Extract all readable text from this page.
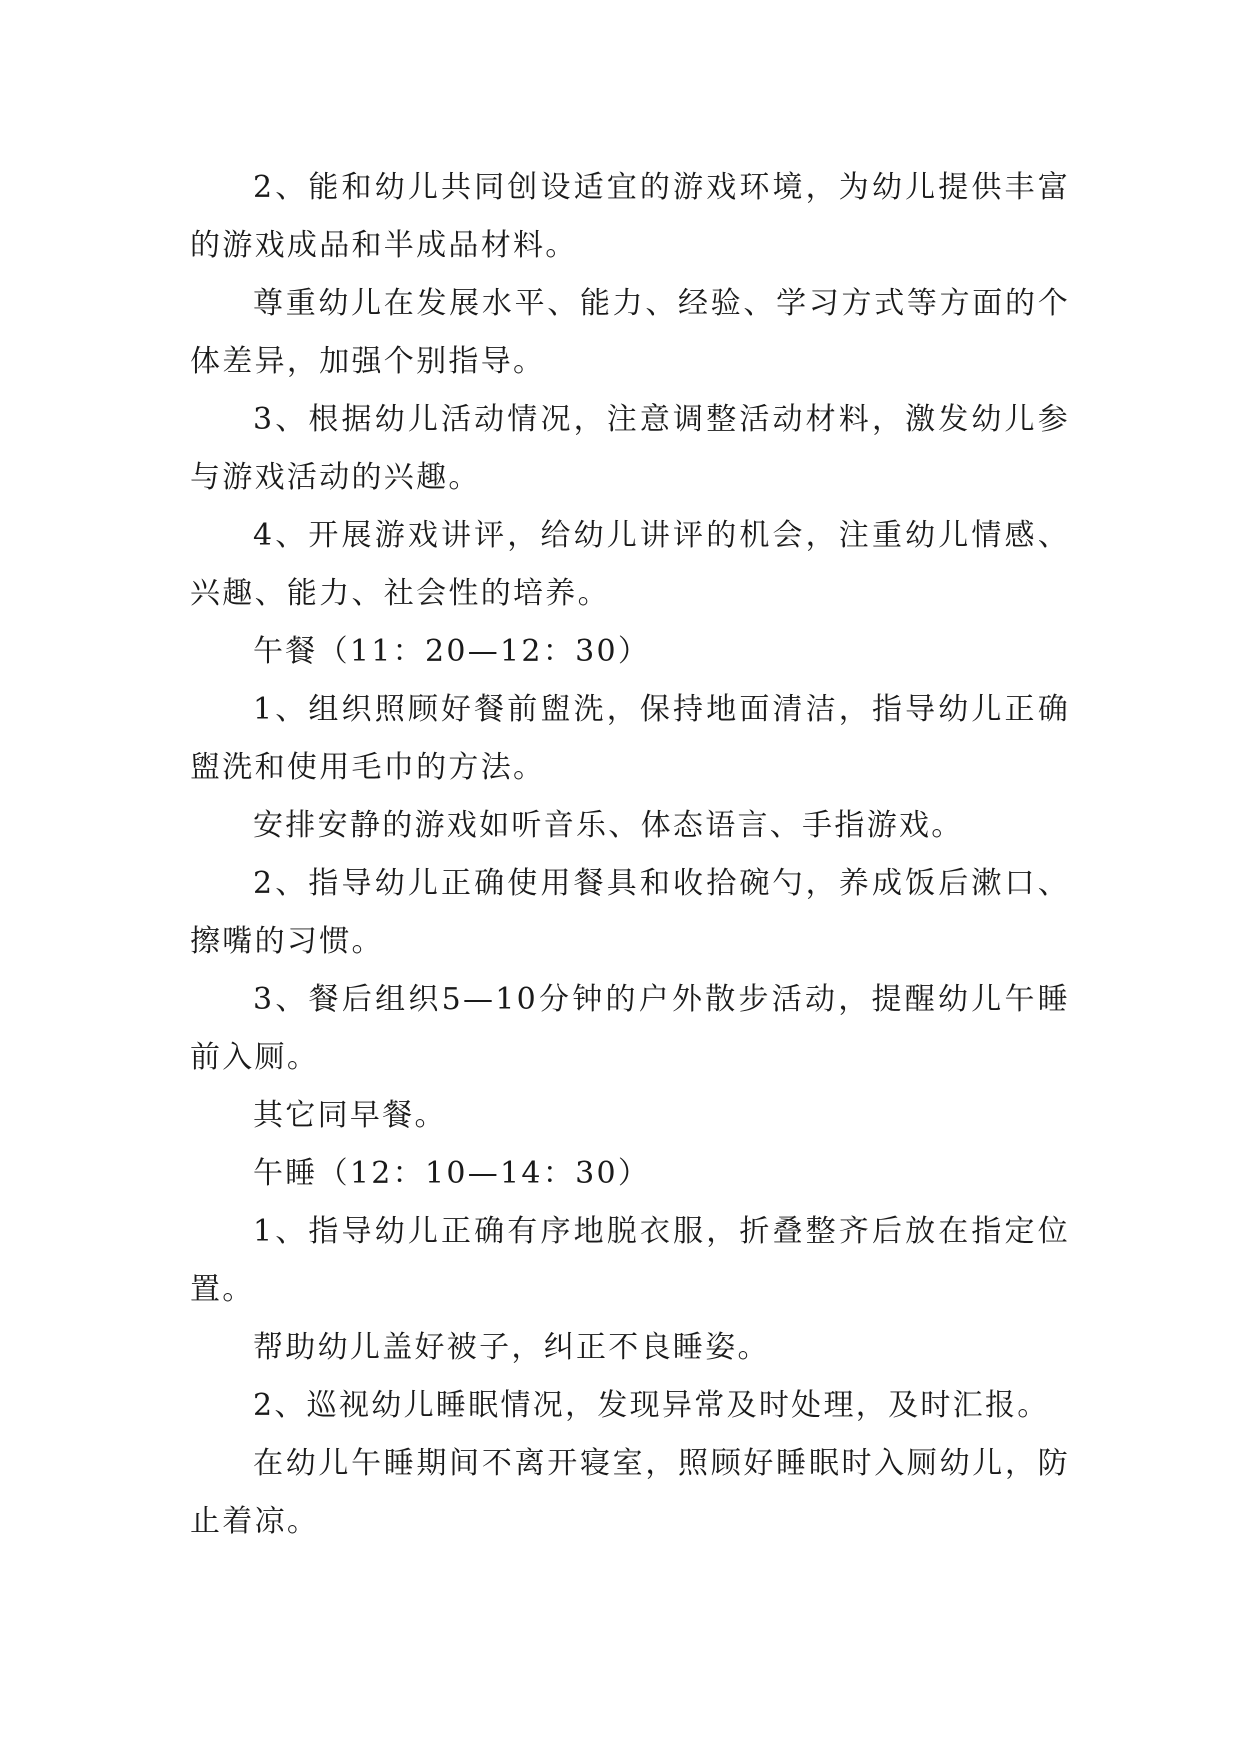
2、能和幼儿共同创设适宜的游戏环境，为幼儿提供丰富的游戏成品和半成品材料。

尊重幼儿在发展水平、能力、经验、学习方式等方面的个体差异，加强个别指导。

3、根据幼儿活动情况，注意调整活动材料，激发幼儿参与游戏活动的兴趣。

4、开展游戏讲评，给幼儿讲评的机会，注重幼儿情感、兴趣、能力、社会性的培养。

午餐（11：20—12：30）

1、组织照顾好餐前盥洗，保持地面清洁，指导幼儿正确盥洗和使用毛巾的方法。

安排安静的游戏如听音乐、体态语言、手指游戏。

2、指导幼儿正确使用餐具和收拾碗勺，养成饭后漱口、擦嘴的习惯。

3、餐后组织5—10分钟的户外散步活动，提醒幼儿午睡前入厕。

其它同早餐。

午睡（12：10—14：30）

1、指导幼儿正确有序地脱衣服，折叠整齐后放在指定位置。

帮助幼儿盖好被子，纠正不良睡姿。

2、巡视幼儿睡眠情况，发现异常及时处理，及时汇报。

在幼儿午睡期间不离开寝室，照顾好睡眠时入厕幼儿，防止着凉。
